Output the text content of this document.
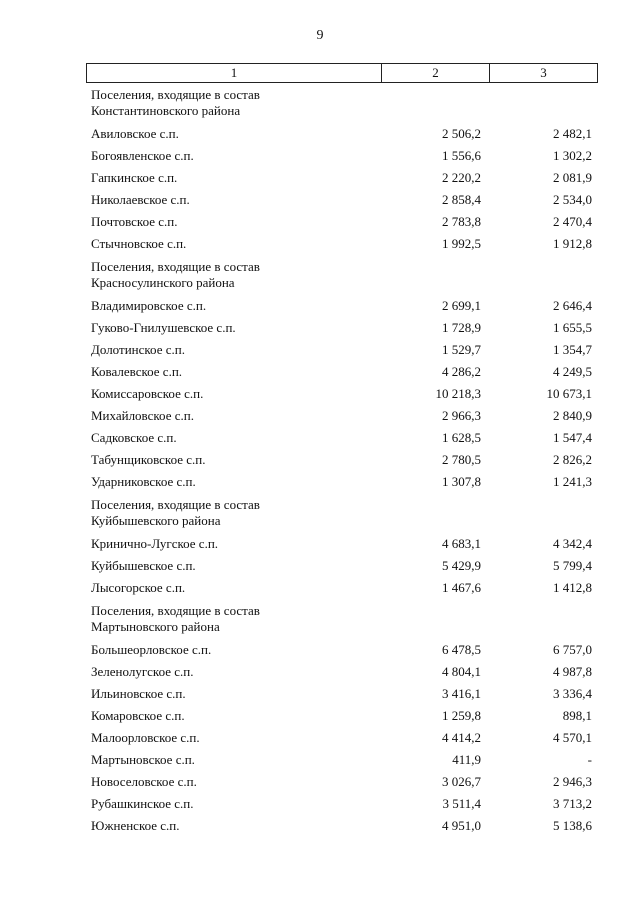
9
1	2	3
Поселения, входящие в состав
Константиновского района
Авиловское с.п.	2 506,2	2 482,1
Богоявленское с.п.	1 556,6	1 302,2
Гапкинское с.п.	2 220,2	2 081,9
Николаевское с.п.	2 858,4	2 534,0
Почтовское с.п.	2 783,8	2 470,4
Стычновское с.п.	1 992,5	1 912,8
Поселения, входящие в состав
Красносулинского района
Владимировское с.п.	2 699,1	2 646,4
Гуково-Гнилушевское с.п.	1 728,9	1 655,5
Долотинское с.п.	1 529,7	1 354,7
Ковалевское с.п.	4 286,2	4 249,5
Комиссаровское с.п.	10 218,3	10 673,1
Михайловское с.п.	2 966,3	2 840,9
Садковское с.п.	1 628,5	1 547,4
Табунщиковское с.п.	2 780,5	2 826,2
Ударниковское с.п.	1 307,8	1 241,3
Поселения, входящие в состав
Куйбышевского района
Кринично-Лугское с.п.	4 683,1	4 342,4
Куйбышевское с.п.	5 429,9	5 799,4
Лысогорское с.п.	1 467,6	1 412,8
Поселения, входящие в состав
Мартыновского района
Большеорловское с.п.	6 478,5	6 757,0
Зеленолугское с.п.	4 804,1	4 987,8
Ильиновское с.п.	3 416,1	3 336,4
Комаровское с.п.	1 259,8	898,1
Малоорловское с.п.	4 414,2	4 570,1
Мартыновское с.п.	411,9	-
Новоселовское с.п.	3 026,7	2 946,3
Рубашкинское с.п.	3 511,4	3 713,2
Южненское с.п.	4 951,0	5 138,6
